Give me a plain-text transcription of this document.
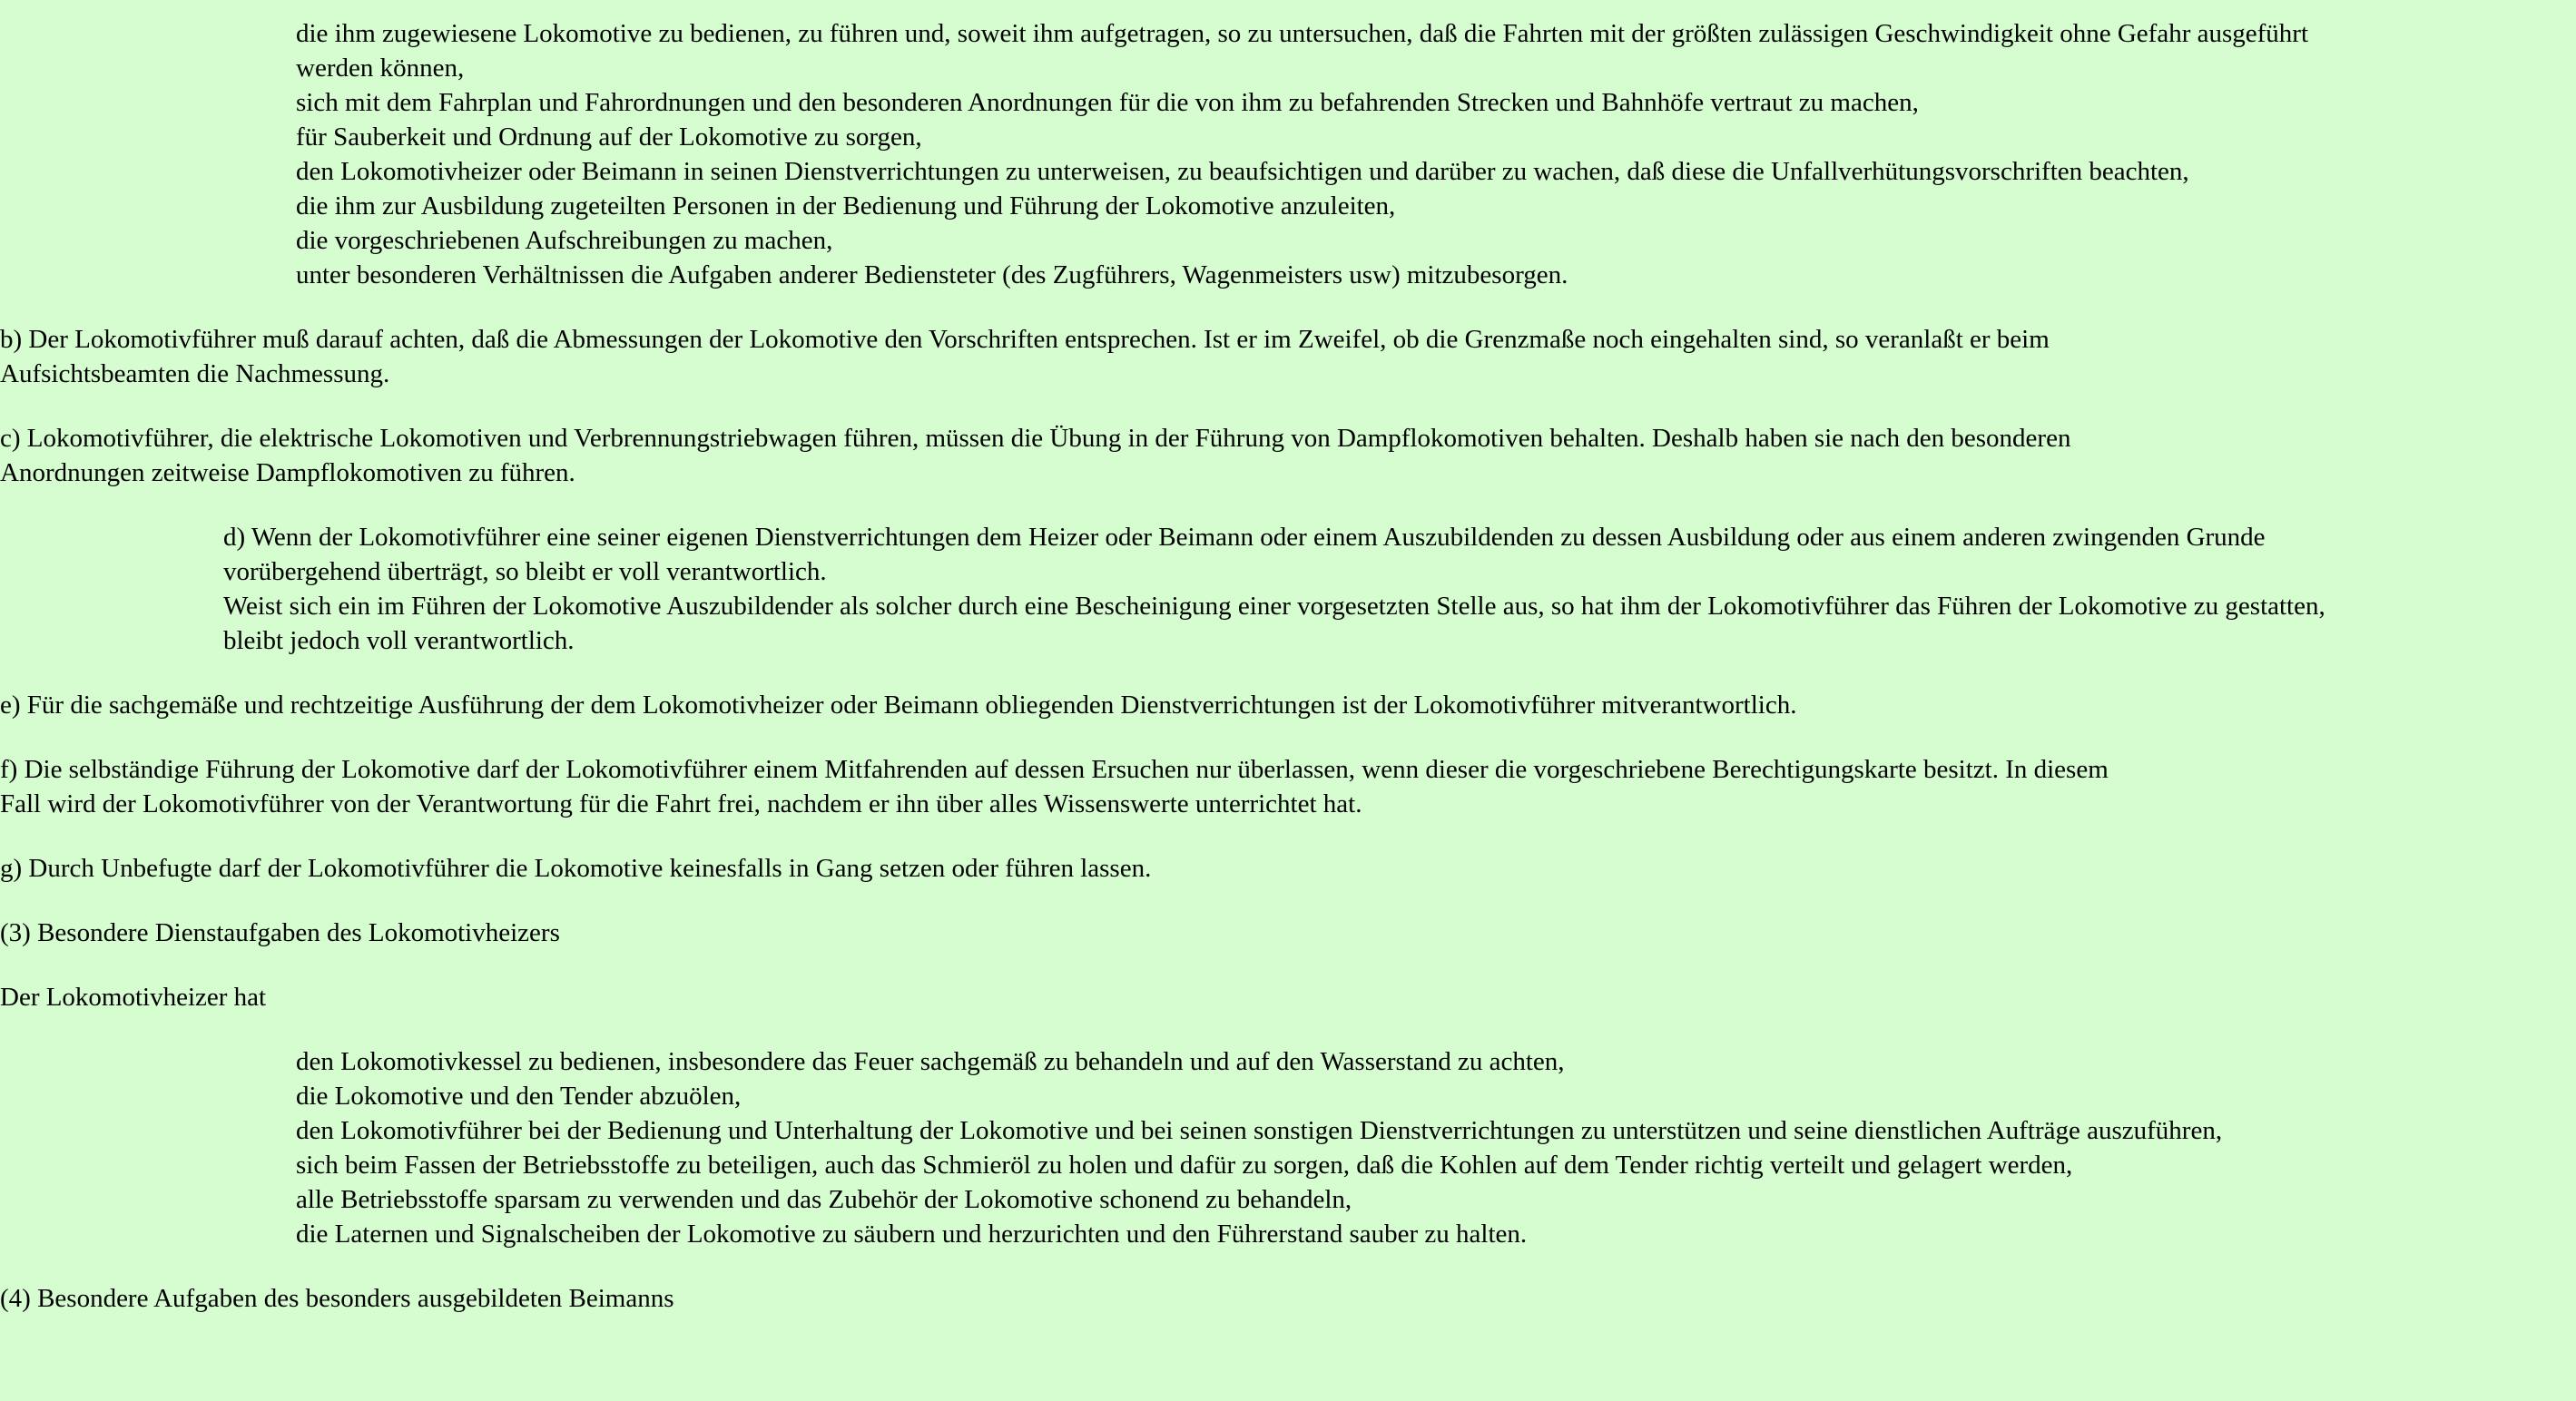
die ihm zugewiesene Lokomotive zu bedienen, zu führen und, soweit ihm aufgetragen, so zu untersuchen, daß die Fahrten mit der größten zulässigen Geschwindigkeit ohne Gefahr ausgeführt werden können,
sich mit dem Fahrplan und Fahrordnungen und den besonderen Anordnungen für die von ihm zu befahrenden Strecken und Bahnhöfe vertraut zu machen,
für Sauberkeit und Ordnung auf der Lokomotive zu sorgen,
den Lokomotivheizer oder Beimann in seinen Dienstverrichtungen zu unterweisen, zu beaufsichtigen und darüber zu wachen, daß diese die Unfallverhütungsvorschriften beachten,
die ihm zur Ausbildung zugeteilten Personen in der Bedienung und Führung der Lokomotive anzuleiten,
die vorgeschriebenen Aufschreibungen zu machen,
unter besonderen Verhältnissen die Aufgaben anderer Bediensteter (des Zugführers, Wagenmeisters usw) mitzubesorgen.

b) Der Lokomotivführer muß darauf achten, daß die Abmessungen der Lokomotive den Vorschriften entsprechen. Ist er im Zweifel, ob die Grenzmaße noch eingehalten sind, so veranlaßt er beim Aufsichtsbeamten die Nachmessung.

c) Lokomotivführer, die elektrische Lokomotiven und Verbrennungstriebwagen führen, müssen die Übung in der Führung von Dampflokomotiven behalten. Deshalb haben sie nach den besonderen Anordnungen zeitweise Dampflokomotiven zu führen.

d) Wenn der Lokomotivführer eine seiner eigenen Dienstverrichtungen dem Heizer oder Beimann oder einem Auszubildenden zu dessen Ausbildung oder aus einem anderen zwingenden Grunde vorübergehend überträgt, so bleibt er voll verantwortlich.
Weist sich ein im Führen der Lokomotive Auszubildender als solcher durch eine Bescheinigung einer vorgesetzten Stelle aus, so hat ihm der Lokomotivführer das Führen der Lokomotive zu gestatten, bleibt jedoch voll verantwortlich.

e) Für die sachgemäße und rechtzeitige Ausführung der dem Lokomotivheizer oder Beimann obliegenden Dienstverrichtungen ist der Lokomotivführer mitverantwortlich.

f) Die selbständige Führung der Lokomotive darf der Lokomotivführer einem Mitfahrenden auf dessen Ersuchen nur überlassen, wenn dieser die vorgeschriebene Berechtigungskarte besitzt. In diesem Fall wird der Lokomotivführer von der Verantwortung für die Fahrt frei, nachdem er ihn über alles Wissenswerte unterrichtet hat.

g) Durch Unbefugte darf der Lokomotivführer die Lokomotive keinesfalls in Gang setzen oder führen lassen.

(3) Besondere Dienstaufgaben des Lokomotivheizers

Der Lokomotivheizer hat

den Lokomotivkessel zu bedienen, insbesondere das Feuer sachgemäß zu behandeln und auf den Wasserstand zu achten,
die Lokomotive und den Tender abzuölen,
den Lokomotivführer bei der Bedienung und Unterhaltung der Lokomotive und bei seinen sonstigen Dienstverrichtungen zu unterstützen und seine dienstlichen Aufträge auszuführen,
sich beim Fassen der Betriebsstoffe zu beteiligen, auch das Schmieröl zu holen und dafür zu sorgen, daß die Kohlen auf dem Tender richtig verteilt und gelagert werden,
alle Betriebsstoffe sparsam zu verwenden und das Zubehör der Lokomotive schonend zu behandeln,
die Laternen und Signalscheiben der Lokomotive zu säubern und herzurichten und den Führerstand sauber zu halten.

(4) Besondere Aufgaben des besonders ausgebildeten Beimanns
